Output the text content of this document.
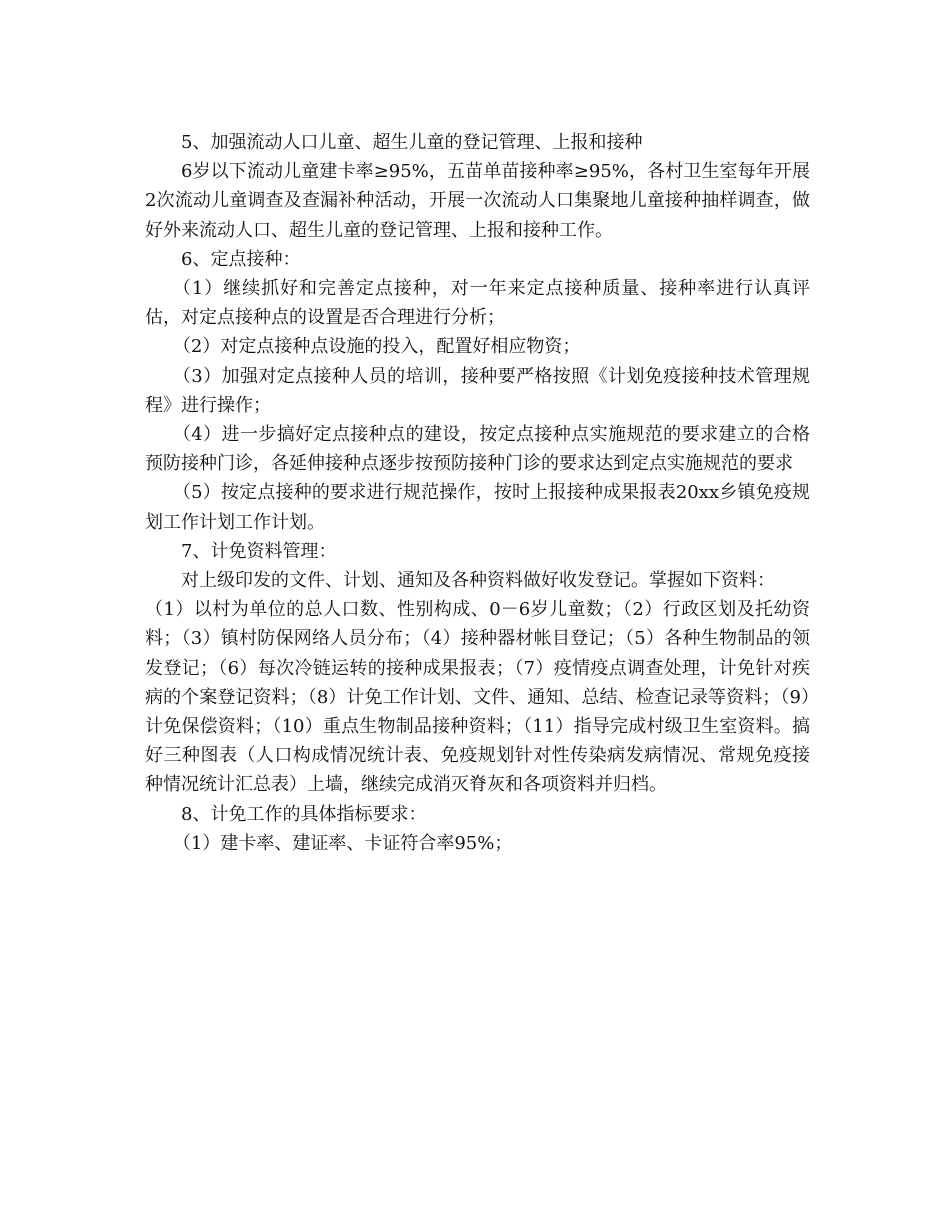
5、加强流动人口儿童、超生儿童的登记管理、上报和接种

6岁以下流动儿童建卡率≥95%，五苗单苗接种率≥95%，各村卫生室每年开展2次流动儿童调查及查漏补种活动，开展一次流动人口集聚地儿童接种抽样调查，做好外来流动人口、超生儿童的登记管理、上报和接种工作。

6、定点接种：

（1）继续抓好和完善定点接种，对一年来定点接种质量、接种率进行认真评估，对定点接种点的设置是否合理进行分析；

（2）对定点接种点设施的投入，配置好相应物资；

（3）加强对定点接种人员的培训，接种要严格按照《计划免疫接种技术管理规程》进行操作；

（4）进一步搞好定点接种点的建设，按定点接种点实施规范的要求建立的合格预防接种门诊，各延伸接种点逐步按预防接种门诊的要求达到定点实施规范的要求

（5）按定点接种的要求进行规范操作，按时上报接种成果报表20xx乡镇免疫规划工作计划工作计划。

7、计免资料管理：

对上级印发的文件、计划、通知及各种资料做好收发登记。掌握如下资料：

（1）以村为单位的总人口数、性别构成、0－6岁儿童数；（2）行政区划及托幼资料；（3）镇村防保网络人员分布；（4）接种器材帐目登记；（5）各种生物制品的领发登记；（6）每次冷链运转的接种成果报表；（7）疫情疫点调查处理，计免针对疾病的个案登记资料；（8）计免工作计划、文件、通知、总结、检查记录等资料；（9）计免保偿资料；（10）重点生物制品接种资料；（11）指导完成村级卫生室资料。搞好三种图表（人口构成情况统计表、免疫规划针对性传染病发病情况、常规免疫接种情况统计汇总表）上墙，继续完成消灭脊灰和各项资料并归档。

8、计免工作的具体指标要求：

（1）建卡率、建证率、卡证符合率95%；
